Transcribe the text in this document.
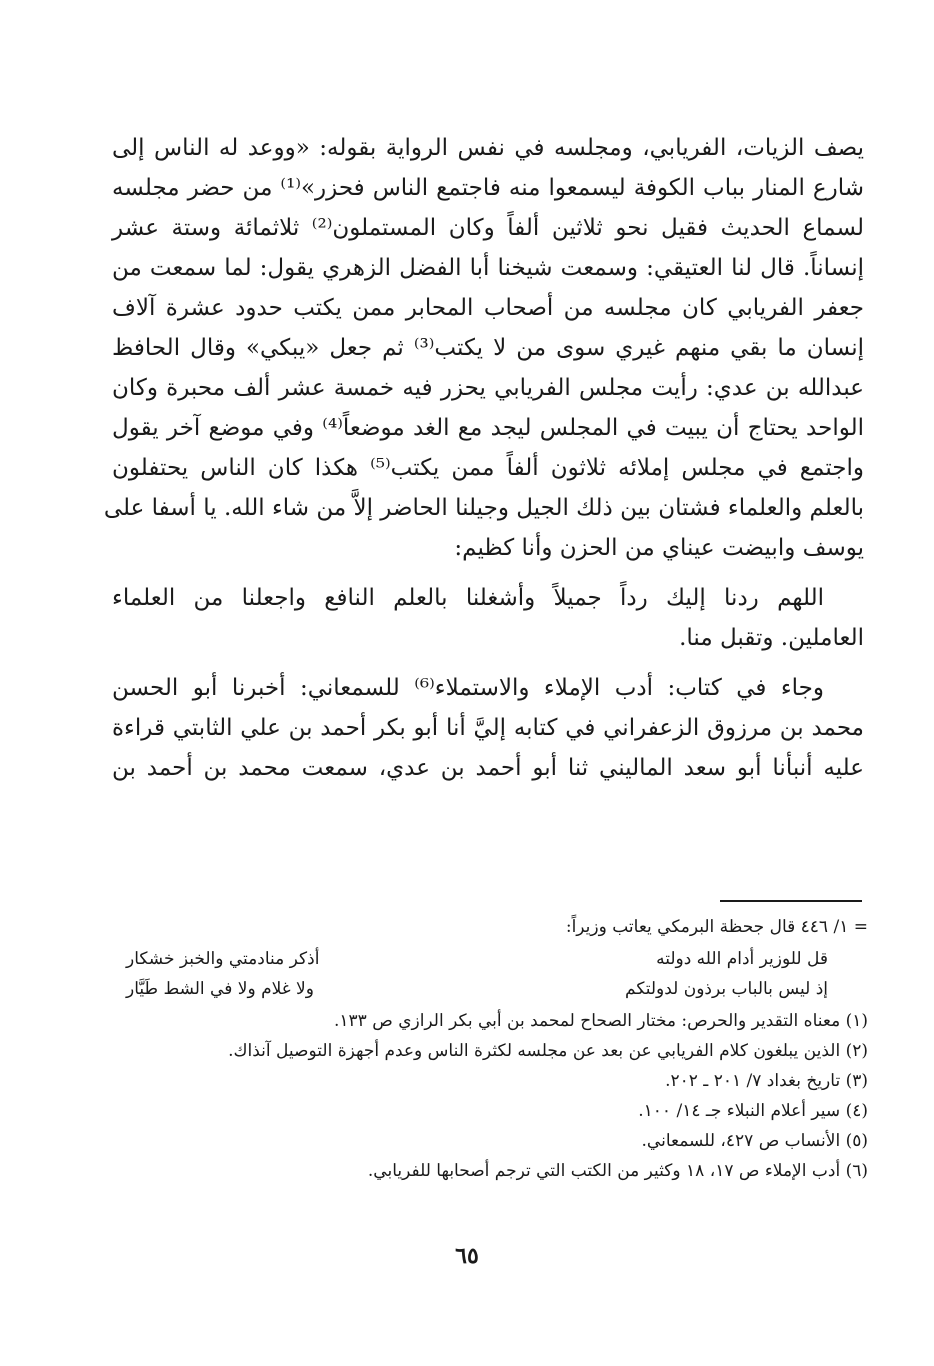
يصف الزيات، الفريابي، ومجلسه في نفس الرواية بقوله: «ووعد له الناس إلى
شارع المنار بباب الكوفة ليسمعوا منه فاجتمع الناس فحزر»⁽¹⁾ من حضر مجلسه
لسماع الحديث فقيل نحو ثلاثين ألفاً وكان المستملون⁽²⁾ ثلاثمائة وستة عشر
إنساناً. قال لنا العتيقي: وسمعت شيخنا أبا الفضل الزهري يقول: لما سمعت من
جعفر الفريابي كان مجلسه من أصحاب المحابر ممن يكتب حدود عشرة آلاف
إنسان ما بقي منهم غيري سوى من لا يكتب⁽³⁾ ثم جعل «يبكي» وقال الحافظ
عبدالله بن عدي: رأيت مجلس الفريابي يحزر فيه خمسة عشر ألف محبرة وكان
الواحد يحتاج أن يبيت في المجلس ليجد مع الغد موضعاً⁽⁴⁾ وفي موضع آخر يقول
واجتمع في مجلس إملائه ثلاثون ألفاً ممن يكتب⁽⁵⁾ هكذا كان الناس يحتفلون
بالعلم والعلماء فشتان بين ذلك الجيل وجيلنا الحاضر إلاَّ من شاء الله. يا أسفا على
يوسف وابيضت عيناي من الحزن وأنا كظيم:

اللهم ردنا إليك رداً جميلاً وأشغلنا بالعلم النافع واجعلنا من العلماء
العاملين. وتقبل منا.

وجاء في كتاب: أدب الإملاء والاستملاء⁽⁶⁾ للسمعاني: أخبرنا أبو الحسن
محمد بن مرزوق الزعفراني في كتابه إليَّ أنا أبو بكر أحمد بن علي الثابتي قراءة
عليه أنبأنا أبو سعد الماليني ثنا أبو أحمد بن عدي، سمعت محمد بن أحمد بن

= ١/ ٤٤٦ قال جحظة البرمكي يعاتب وزيراً:
قل للوزير أدام الله دولته
أذكر منادمتي والخبز خشكار
إذ ليس بالباب برذون لدولتكم
ولا غلام ولا في الشط طَيَّار
(١) معناه التقدير والحرص: مختار الصحاح لمحمد بن أبي بكر الرازي ص ١٣٣.
(٢) الذين يبلغون كلام الفريابي عن بعد عن مجلسه لكثرة الناس وعدم أجهزة التوصيل آنذاك.
(٣) تاريخ بغداد ٧/ ٢٠١ ـ ٢٠٢.
(٤) سير أعلام النبلاء جـ ١٤/ ١٠٠.
(٥) الأنساب ص ٤٢٧، للسمعاني.
(٦) أدب الإملاء ص ١٧، ١٨ وكثير من الكتب التي ترجم أصحابها للفريابي.
٦٥
